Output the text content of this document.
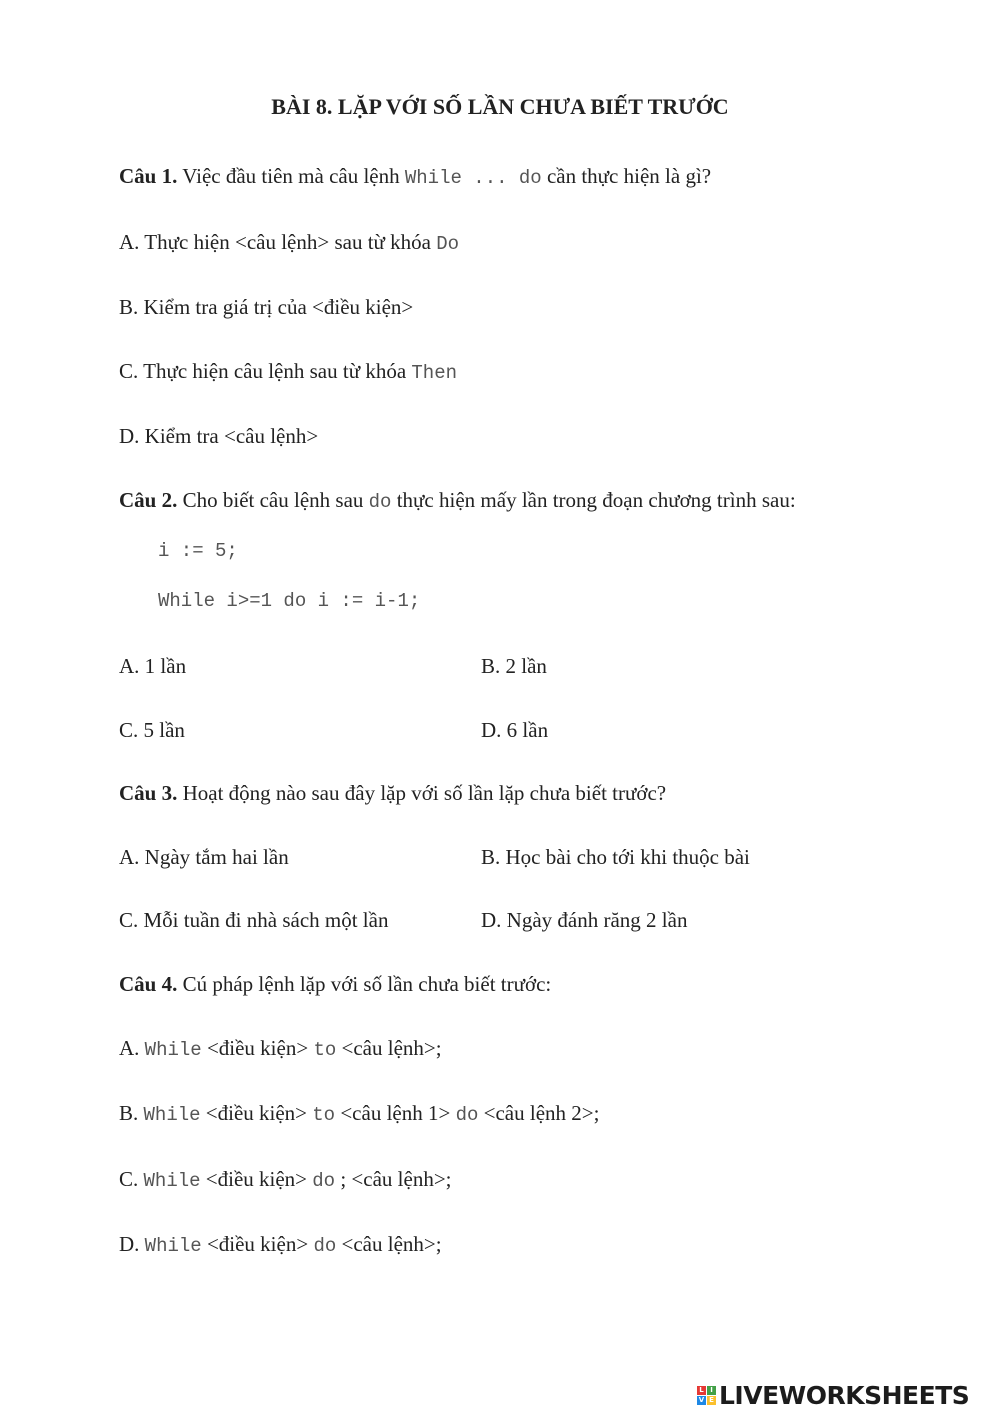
BÀI 8. LẶP VỚI SỐ LẦN CHƯA BIẾT TRƯỚC
Câu 1. Việc đầu tiên mà câu lệnh While ... do cần thực hiện là gì?
A. Thực hiện <câu lệnh> sau từ khóa Do
B. Kiểm tra giá trị của <điều kiện>
C. Thực hiện câu lệnh sau từ khóa Then
D. Kiểm tra <câu lệnh>
Câu 2. Cho biết câu lệnh sau do thực hiện mấy lần trong đoạn chương trình sau:
i := 5;
While i>=1 do i := i-1;
A. 1 lần	B. 2 lần
C. 5 lần	D. 6 lần
Câu 3. Hoạt động nào sau đây lặp với số lần lặp chưa biết trước?
A. Ngày tắm hai lần	B. Học bài cho tới khi thuộc bài
C. Mỗi tuần đi nhà sách một lần	D. Ngày đánh răng 2 lần
Câu 4. Cú pháp lệnh lặp với số lần chưa biết trước:
A. While <điều kiện> to <câu lệnh>;
B. While <điều kiện> to <câu lệnh 1> do <câu lệnh 2>;
C. While <điều kiện> do ; <câu lệnh>;
D. While <điều kiện> do <câu lệnh>;
L I
V E LIVEWORKSHEETS
